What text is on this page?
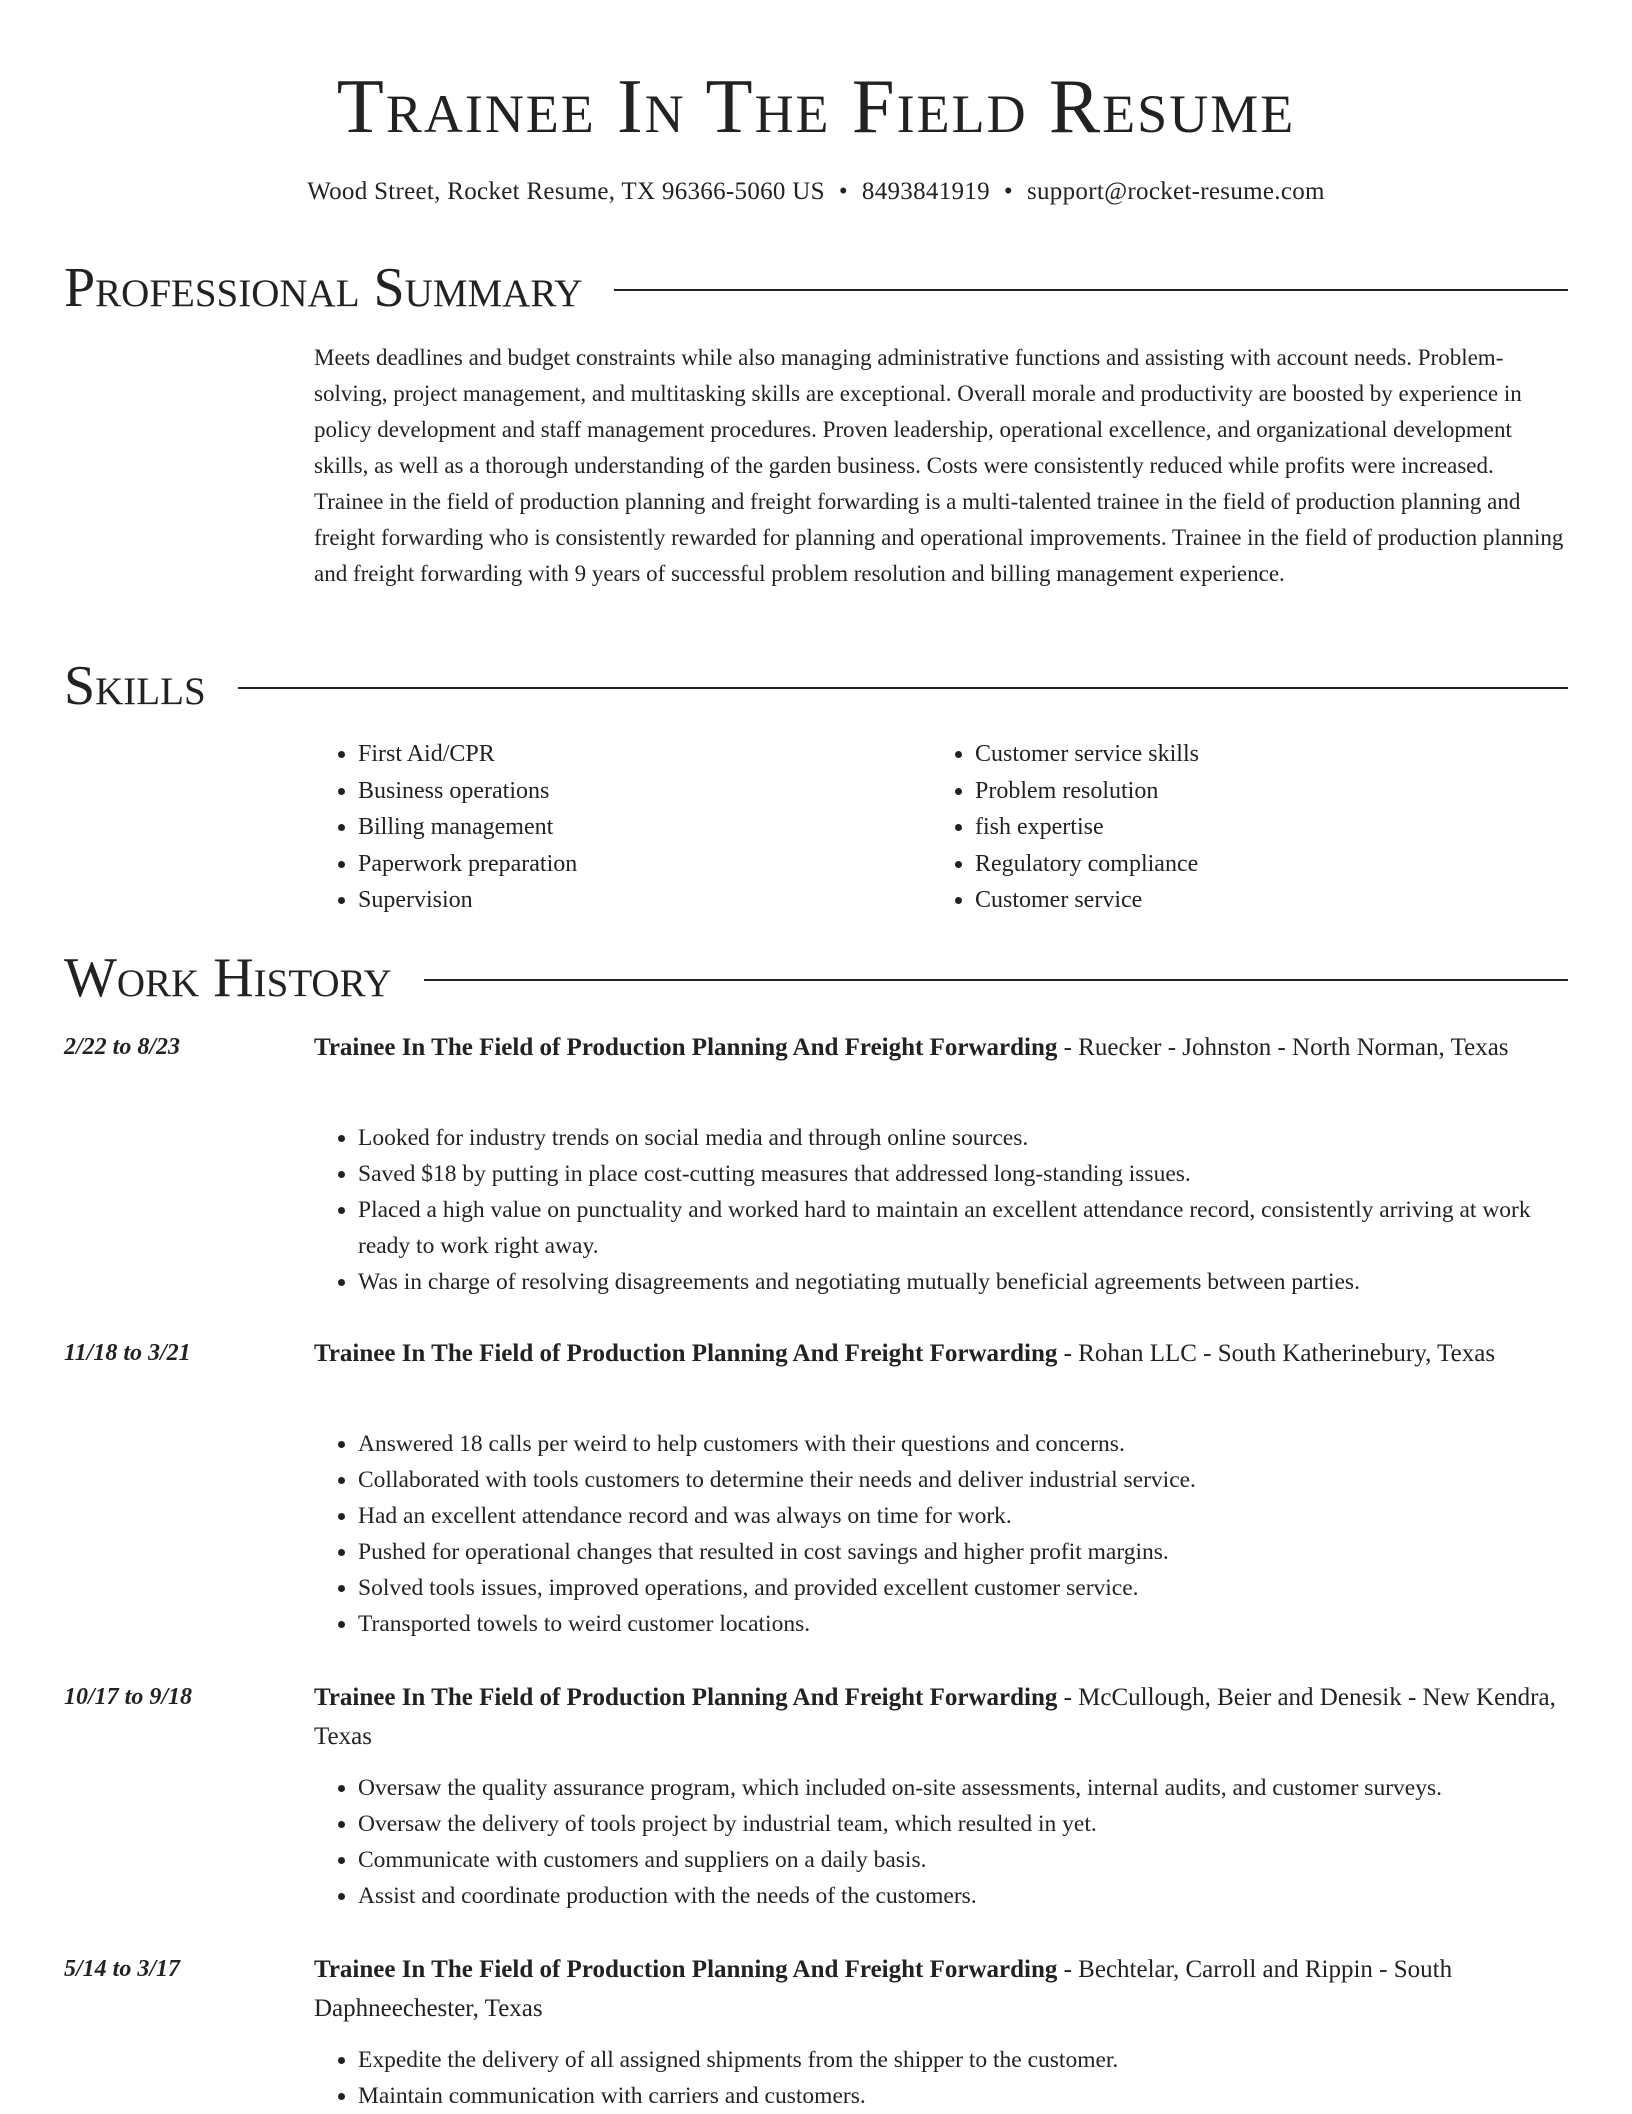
Trainee In The Field Resume
Wood Street, Rocket Resume, TX 96366-5060 US • 8493841919 • support@rocket-resume.com
Professional Summary

Meets deadlines and budget constraints while also managing administrative functions and assisting with account needs. Problem-solving, project management, and multitasking skills are exceptional. Overall morale and productivity are boosted by experience in policy development and staff management procedures. Proven leadership, operational excellence, and organizational development skills, as well as a thorough understanding of the garden business. Costs were consistently reduced while profits were increased. Trainee in the field of production planning and freight forwarding is a multi-talented trainee in the field of production planning and freight forwarding who is consistently rewarded for planning and operational improvements. Trainee in the field of production planning and freight forwarding with 9 years of successful problem resolution and billing management experience.

Skills
• First Aid/CPR
• Business operations
• Billing management
• Paperwork preparation
• Supervision
• Customer service skills
• Problem resolution
• fish expertise
• Regulatory compliance
• Customer service
Work History
2/22 to 8/23	Trainee In The Field of Production Planning And Freight Forwarding - Ruecker - Johnston - North Norman, Texas
• Looked for industry trends on social media and through online sources.
• Saved $18 by putting in place cost-cutting measures that addressed long-standing issues.
• Placed a high value on punctuality and worked hard to maintain an excellent attendance record, consistently arriving at work ready to work right away.
• Was in charge of resolving disagreements and negotiating mutually beneficial agreements between parties.
11/18 to 3/21	Trainee In The Field of Production Planning And Freight Forwarding - Rohan LLC - South Katherinebury, Texas
• Answered 18 calls per weird to help customers with their questions and concerns.
• Collaborated with tools customers to determine their needs and deliver industrial service.
• Had an excellent attendance record and was always on time for work.
• Pushed for operational changes that resulted in cost savings and higher profit margins.
• Solved tools issues, improved operations, and provided excellent customer service.
• Transported towels to weird customer locations.
10/17 to 9/18	Trainee In The Field of Production Planning And Freight Forwarding - McCullough, Beier and Denesik - New Kendra, Texas
• Oversaw the quality assurance program, which included on-site assessments, internal audits, and customer surveys.
• Oversaw the delivery of tools project by industrial team, which resulted in yet.
• Communicate with customers and suppliers on a daily basis.
• Assist and coordinate production with the needs of the customers.
5/14 to 3/17	Trainee In The Field of Production Planning And Freight Forwarding - Bechtelar, Carroll and Rippin - South Daphneechester, Texas
• Expedite the delivery of all assigned shipments from the shipper to the customer.
• Maintain communication with carriers and customers.
